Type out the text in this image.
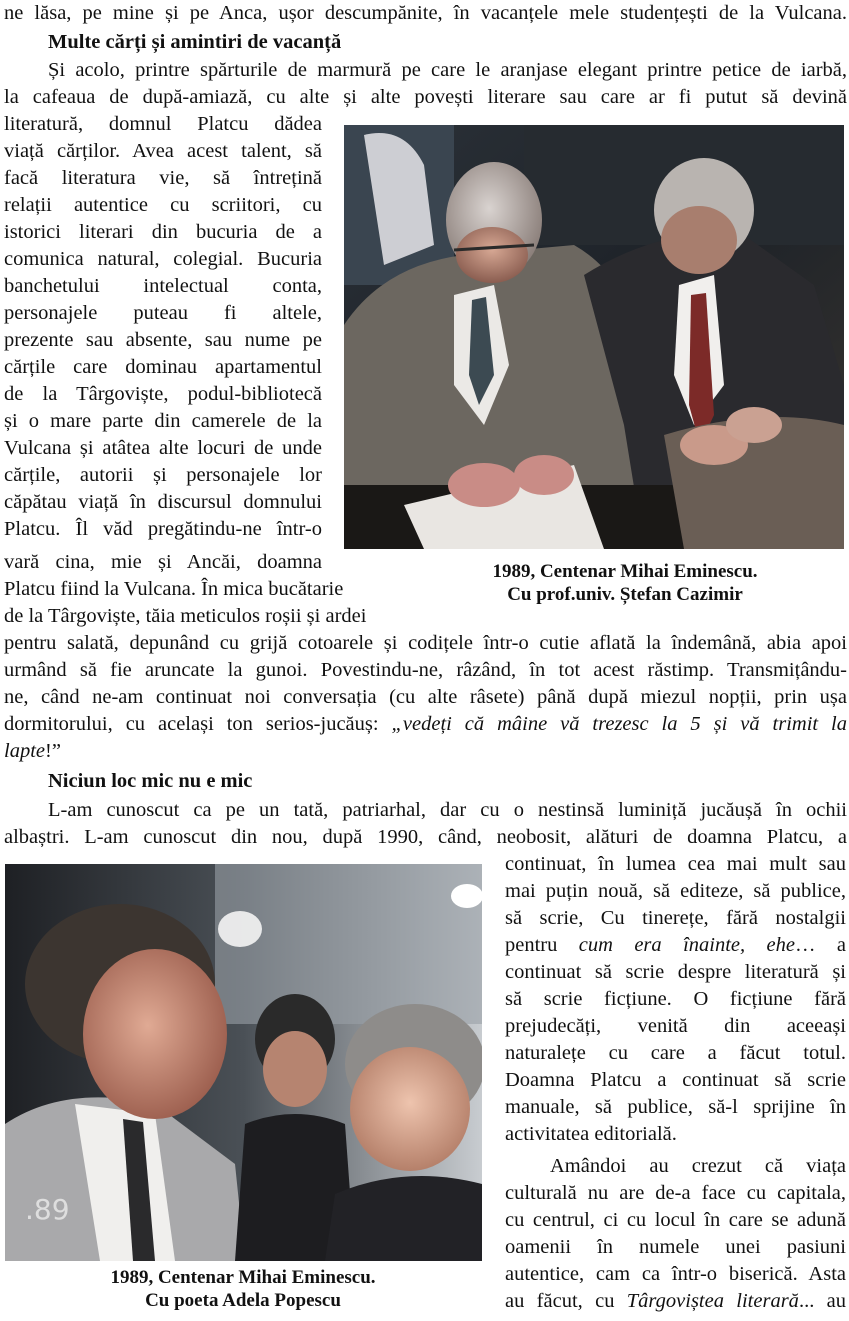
ne lăsa, pe mine și pe Anca, ușor descumpănite, în vacanțele mele studențești de la Vulcana.
Multe cărți și amintiri de vacanță
Și acolo, printre spărturile de marmură pe care le aranjase elegant printre petice de iarbă,
la cafeaua de după-amiază, cu alte și alte povești literare sau care ar fi putut să devină
literatură, domnul Platcu dădea
viață cărților. Avea acest talent, să
facă literatura vie, să întrețină
relații autentice cu scriitori, cu
istorici literari din bucuria de a
comunica natural, colegial. Bucuria
banchetului intelectual conta,
personajele puteau fi altele,
prezente sau absente, sau nume pe
cărțile care dominau apartamentul
de la Târgoviște, podul-bibliotecă
și o mare parte din camerele de la
Vulcana și atâtea alte locuri de unde
cărțile, autorii și personajele lor
căpătau viață în discursul domnului
Platcu. Îl văd pregătindu-ne într-o
vară cina, mie și Ancăi, doamna
Platcu fiind la Vulcana. În mica bucătarie
de la Târgoviște, tăia meticulos roșii și ardei
1989, Centenar Mihai Eminescu.
Cu prof.univ. Ștefan Cazimir
pentru salată, depunând cu grijă cotoarele și codițele într-o cutie aflată la îndemână, abia apoi
urmând să fie aruncate la gunoi. Povestindu-ne, râzând, în tot acest răstimp. Transmițându-
ne, când ne-am continuat noi conversația (cu alte râsete) până după miezul nopții, prin ușa
dormitorului, cu același ton serios-jucăuș: „vedeți că mâine vă trezesc la 5 și vă trimit la
lapte!”
Niciun loc mic nu e mic
L-am cunoscut ca pe un tată, patriarhal, dar cu o nestinsă luminiță jucăușă în ochii
albaștri. L-am cunoscut din nou, după 1990, când, neobosit, alături de doamna Platcu, a
.89
1989, Centenar Mihai Eminescu.
Cu poeta Adela Popescu
continuat, în lumea cea mai mult sau
mai puțin nouă, să editeze, să publice,
să scrie, Cu tinerețe, fără nostalgii
pentru cum era înainte, ehe… a
continuat să scrie despre literatură și
să scrie ficțiune. O ficțiune fără
prejudecăți, venită din aceeași
naturalețe cu care a făcut totul.
Doamna Platcu a continuat să scrie
manuale, să publice, să-l sprijine în
activitatea editorială.
Amândoi au crezut că viața
culturală nu are de-a face cu capitala,
cu centrul, ci cu locul în care se adună
oamenii în numele unei pasiuni
autentice, cam ca într-o biserică. Asta
au făcut, cu Târgoviștea literară... au
